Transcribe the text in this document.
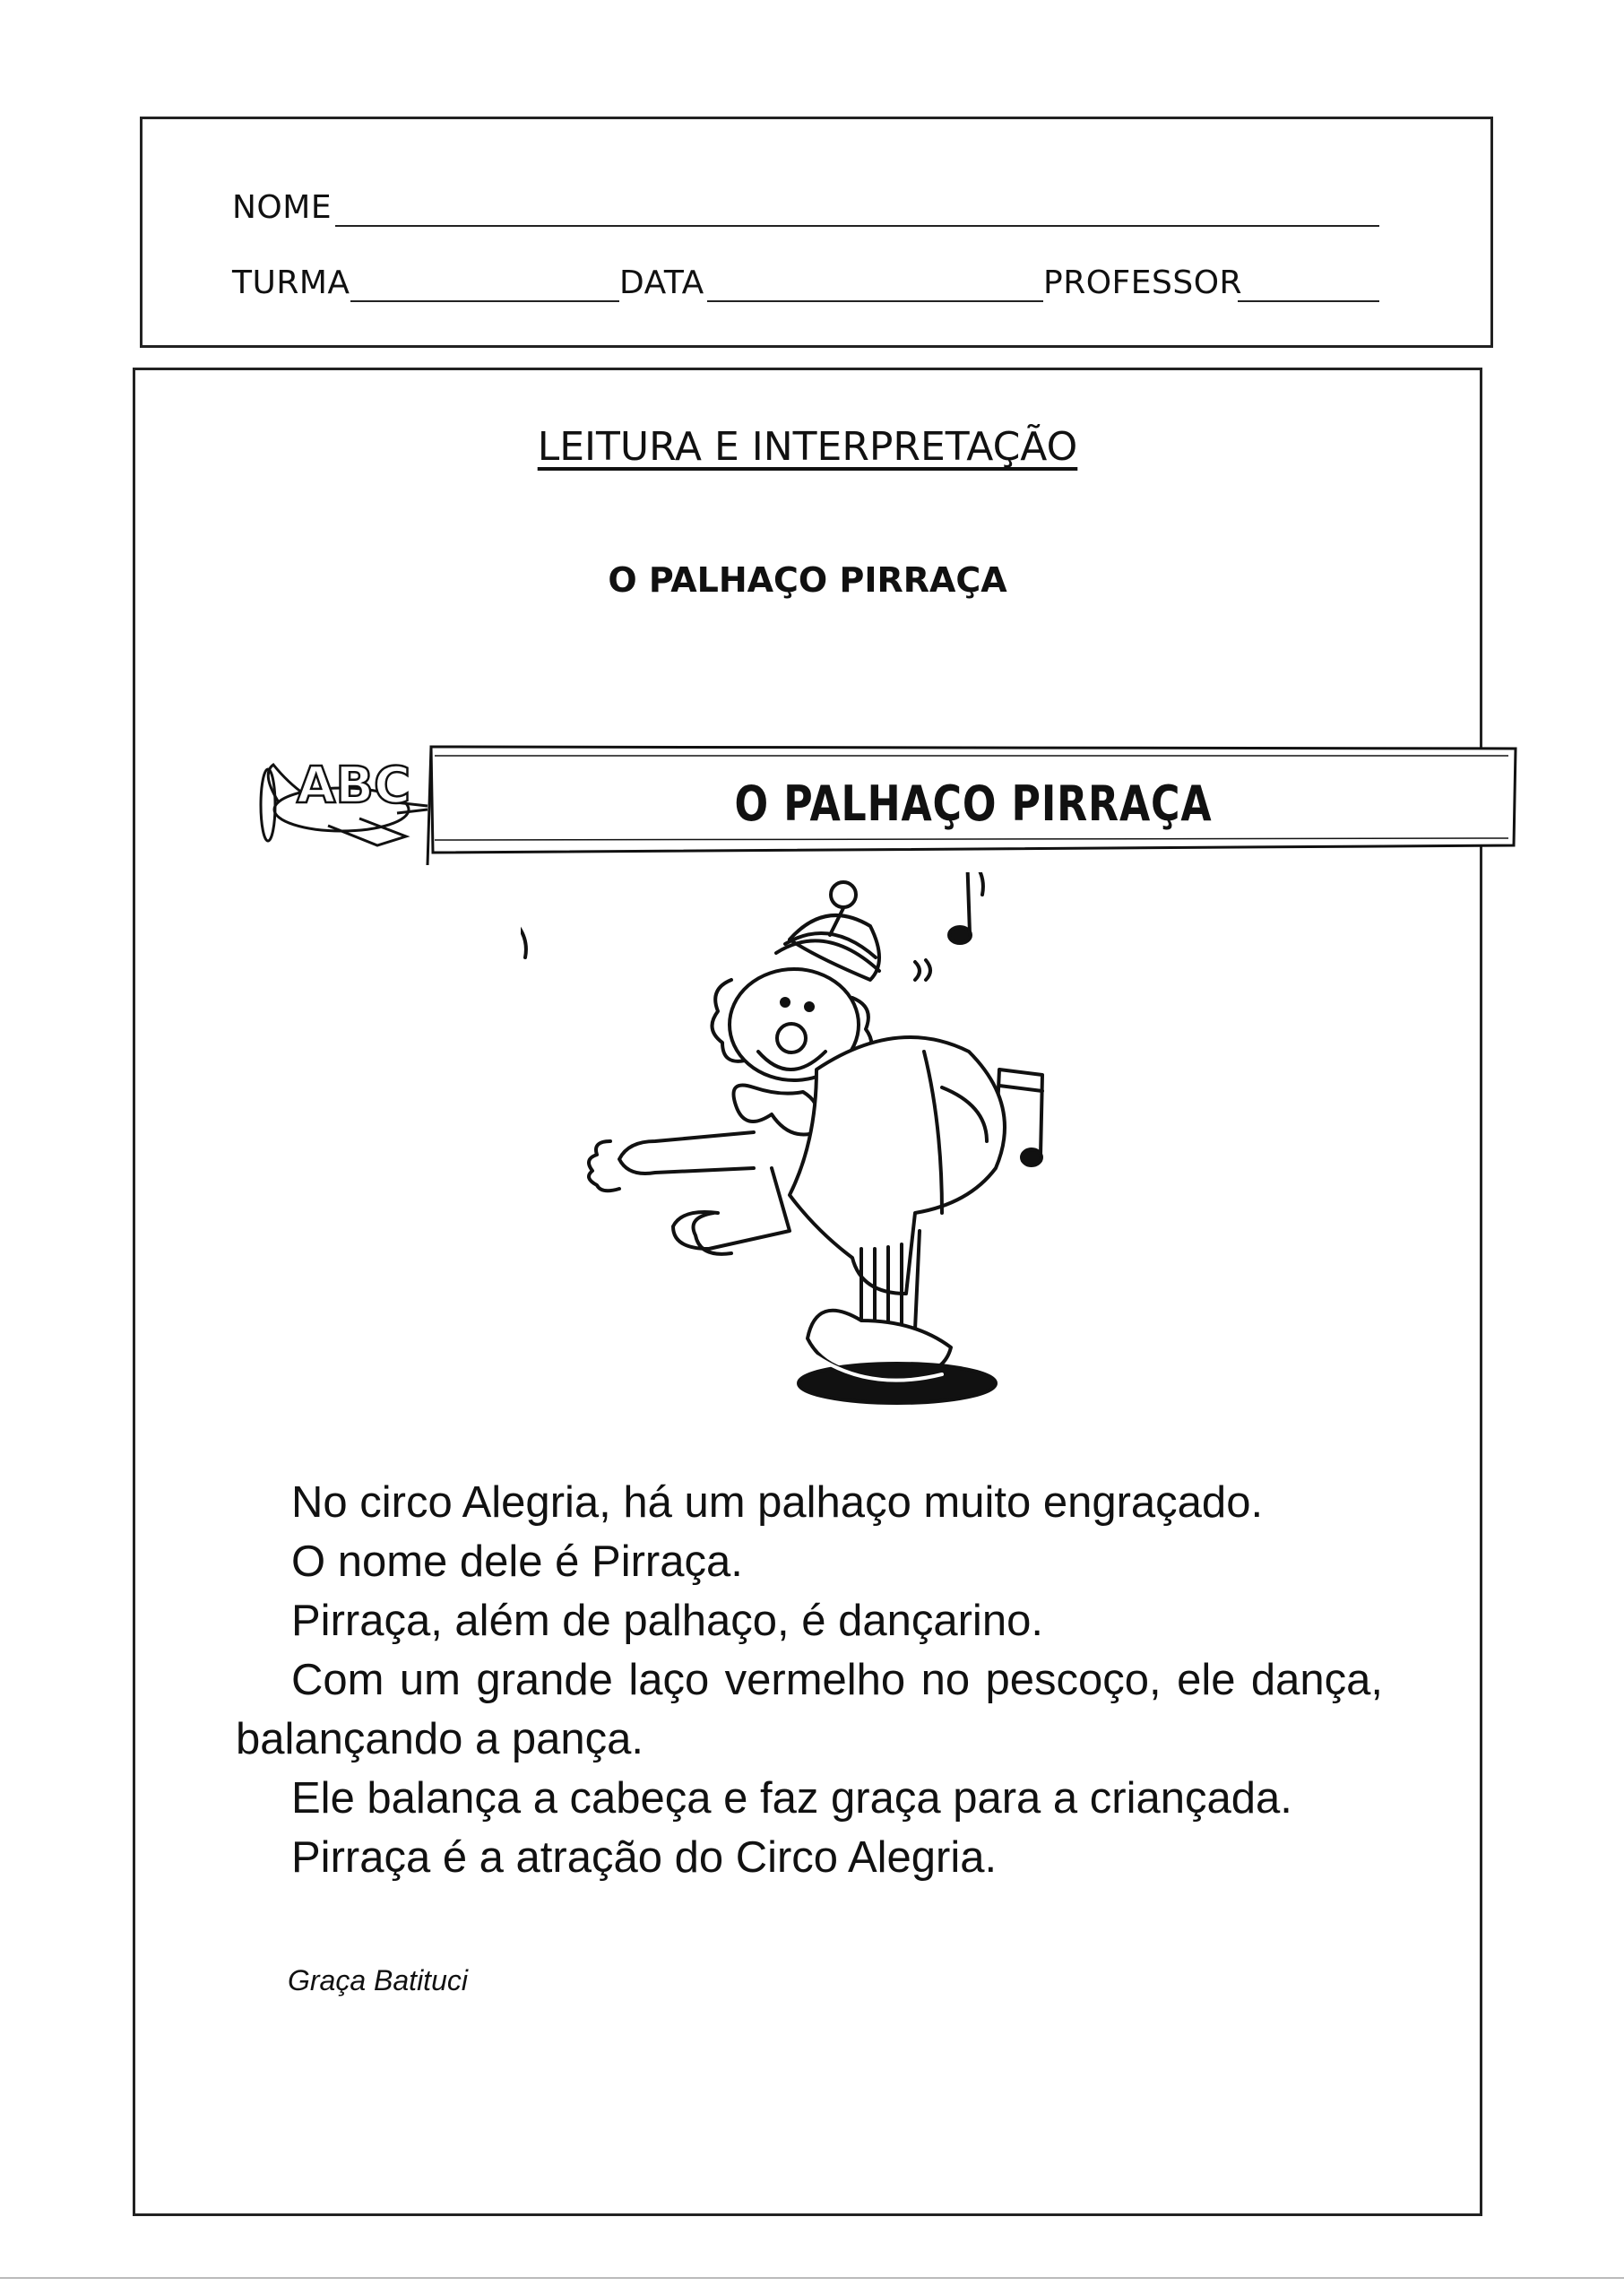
NOME
TURMA	DATA	PROFESSOR
LEITURA E INTERPRETAÇÃO
O PALHAÇO PIRRAÇA
ABC	O PALHAÇO PIRRAÇA

No circo Alegria, há um palhaço muito engraçado.

O nome dele é Pirraça.

Pirraça, além de palhaço, é dançarino.

Com um grande laço vermelho no pescoço, ele dança, balançando a pança.

Ele balança a cabeça e faz graça para a criançada.

Pirraça é a atração do Circo Alegria.

Graça Batituci
